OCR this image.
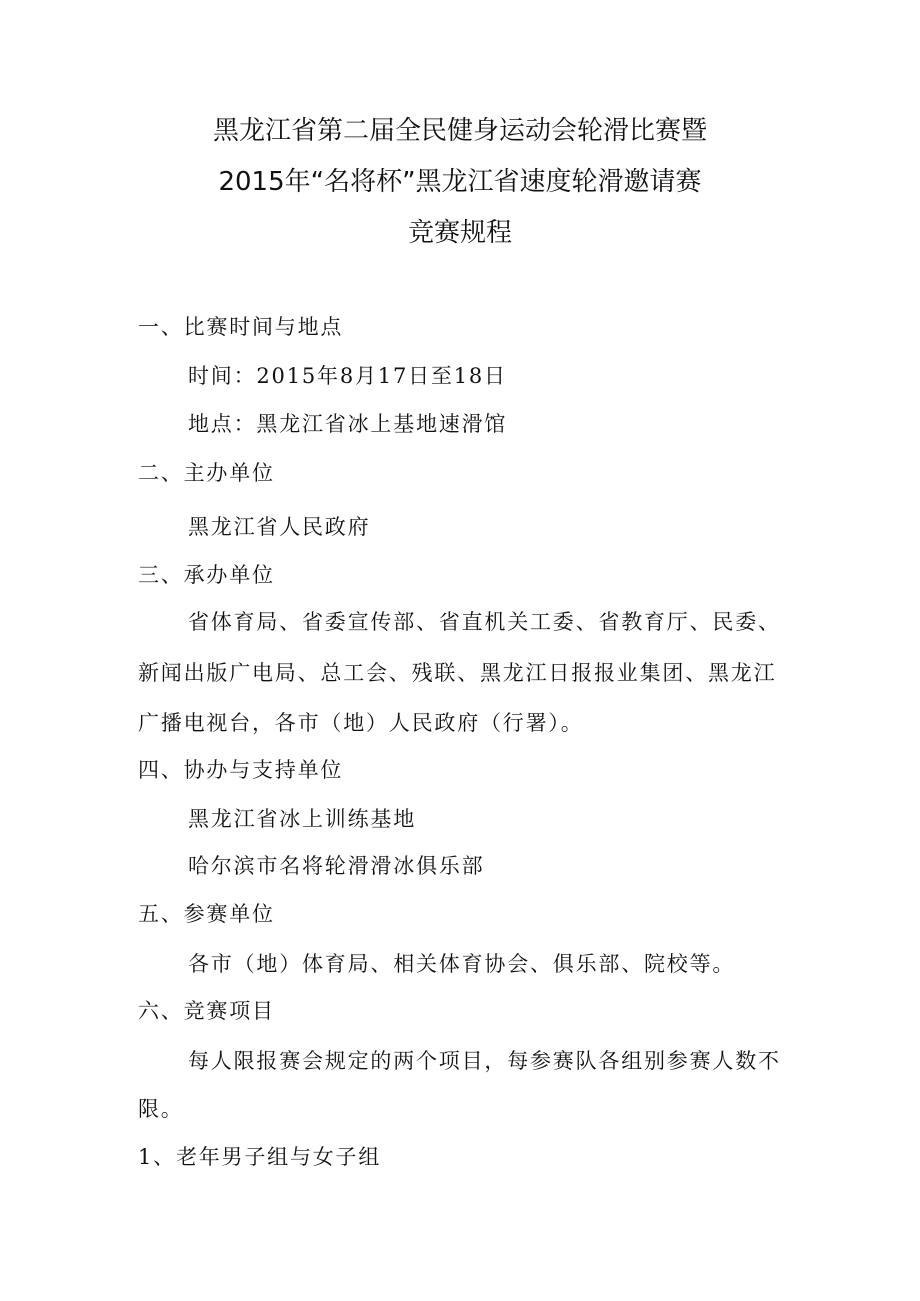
黑龙江省第二届全民健身运动会轮滑比赛暨
2015年“名将杯”黑龙江省速度轮滑邀请赛
竞赛规程
一、比赛时间与地点
时间：2015年8月17日至18日
地点：黑龙江省冰上基地速滑馆
二、主办单位
黑龙江省人民政府
三、承办单位
省体育局、省委宣传部、省直机关工委、省教育厅、民委、
新闻出版广电局、总工会、残联、黑龙江日报报业集团、黑龙江
广播电视台，各市（地）人民政府（行署）。
四、协办与支持单位
黑龙江省冰上训练基地
哈尔滨市名将轮滑滑冰俱乐部
五、参赛单位
各市（地）体育局、相关体育协会、俱乐部、院校等。
六、竞赛项目
每人限报赛会规定的两个项目，每参赛队各组别参赛人数不
限。
1、老年男子组与女子组
